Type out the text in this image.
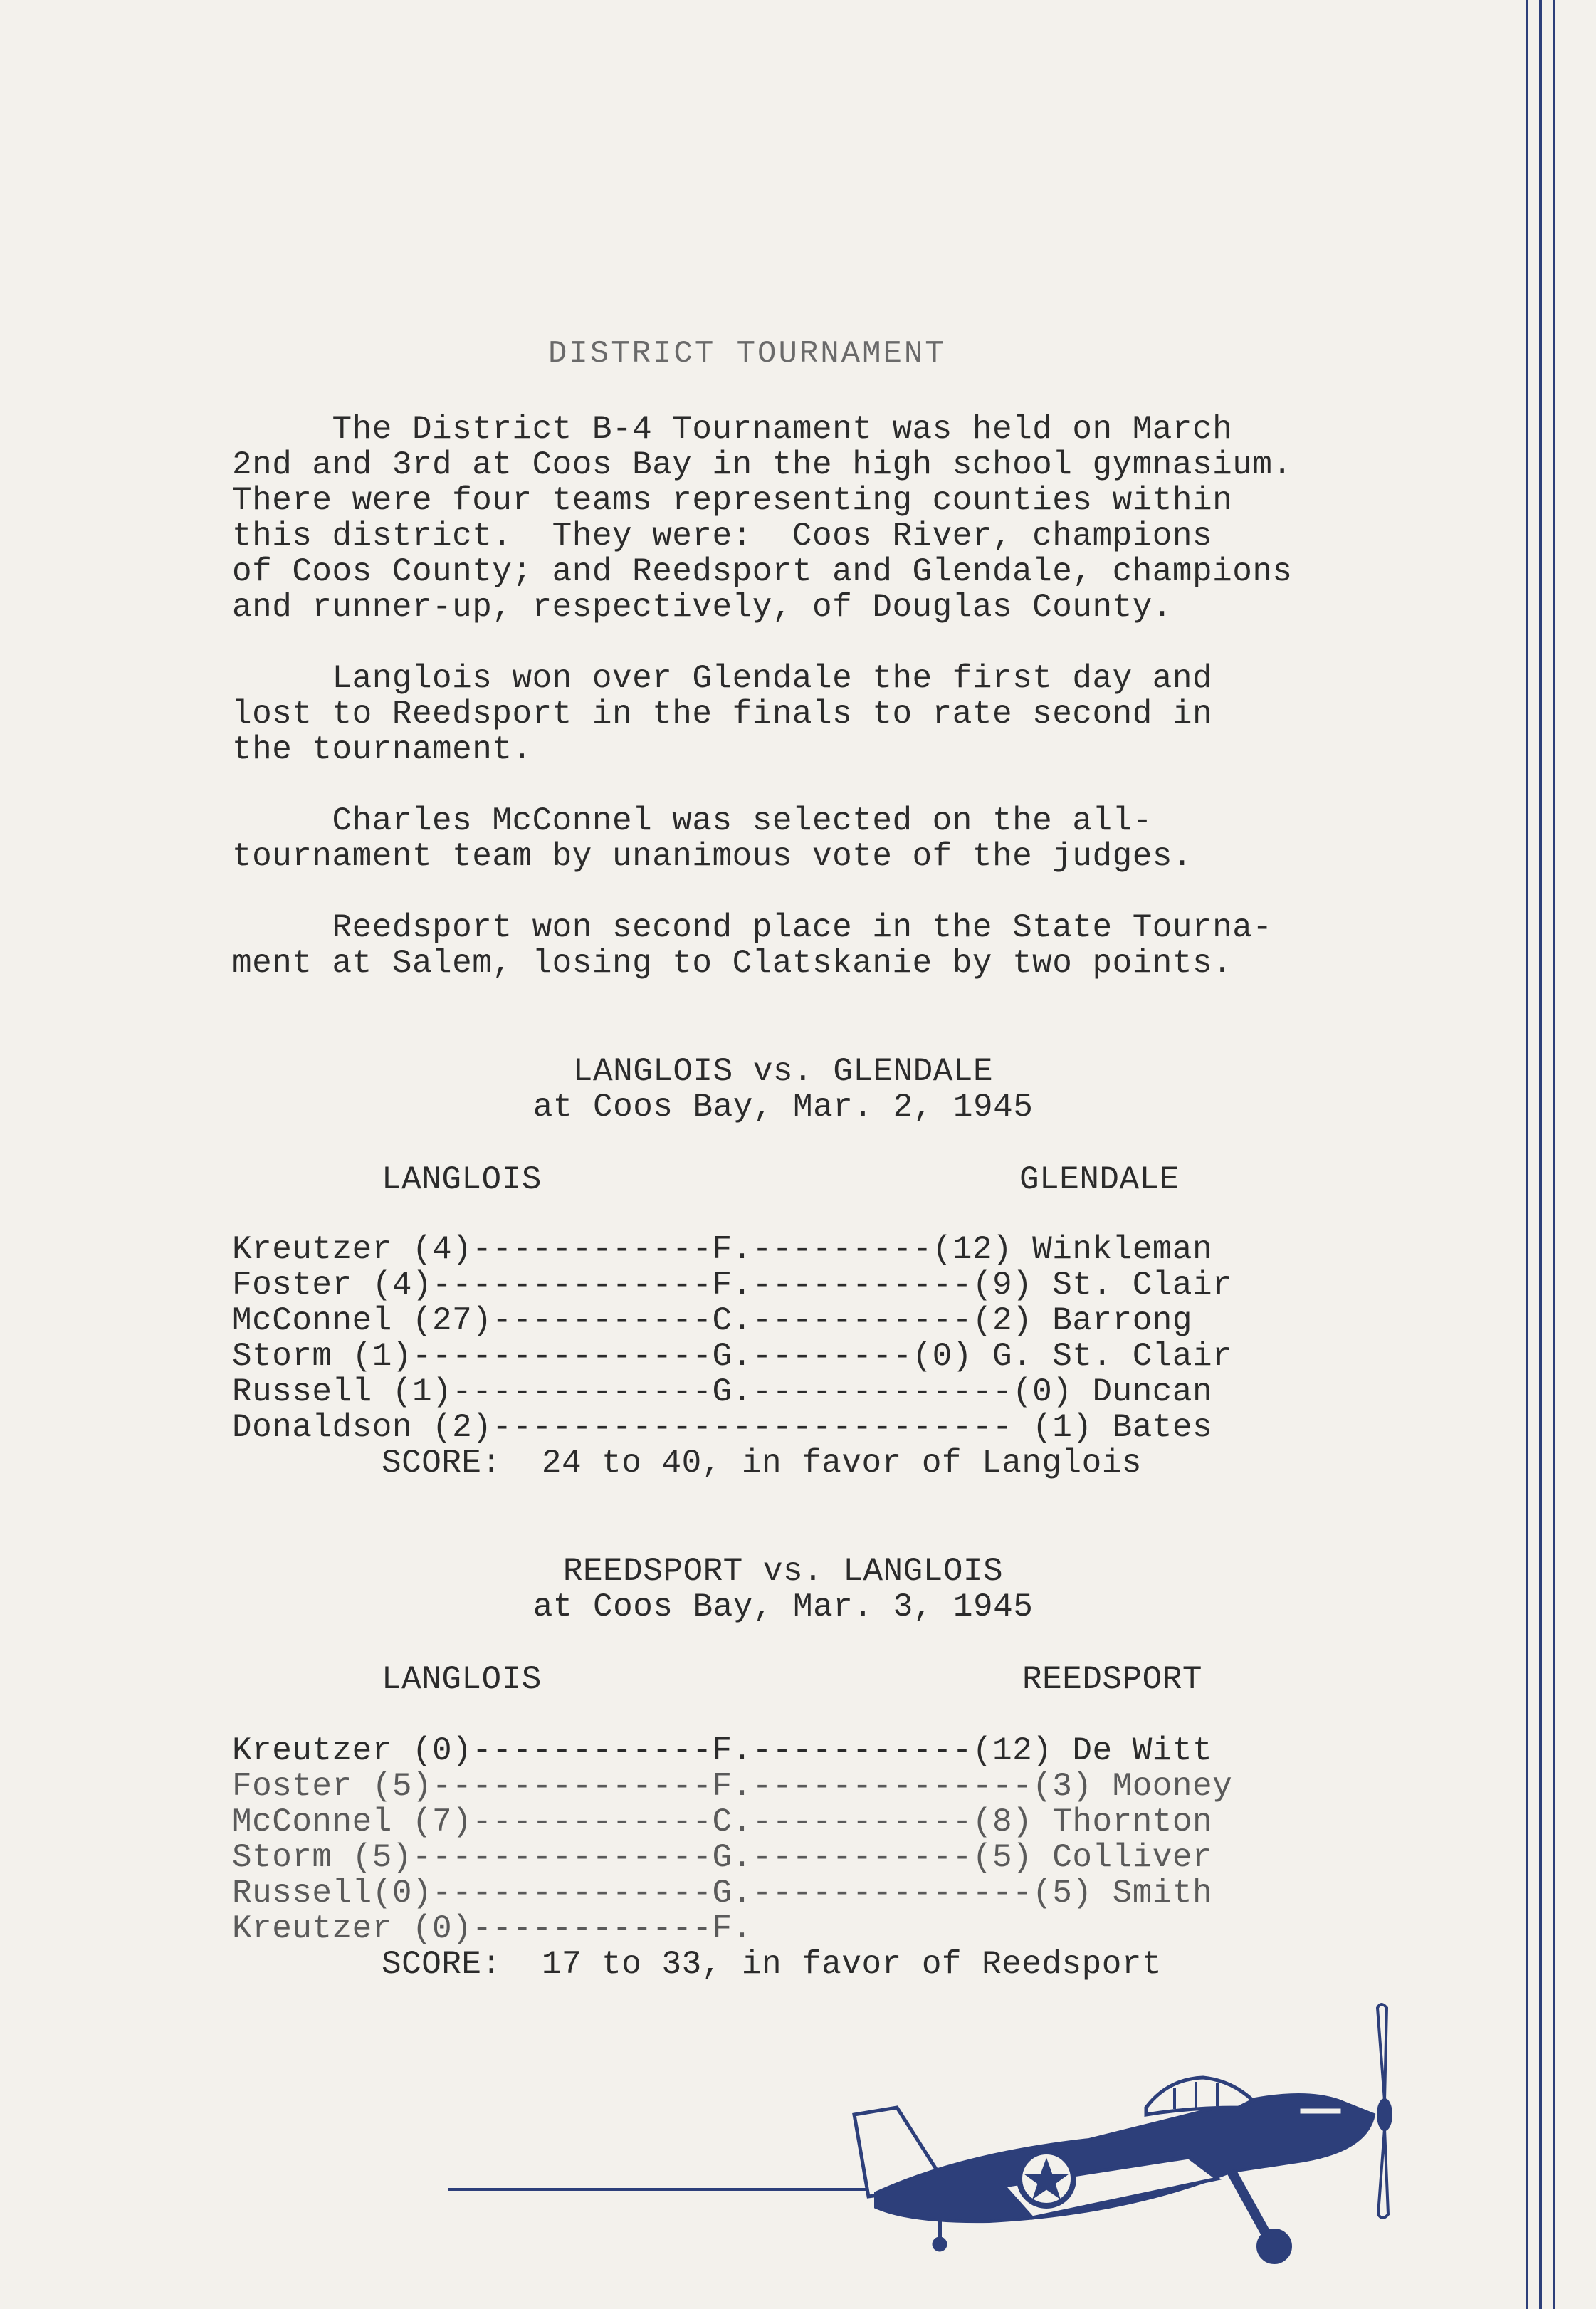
DISTRICT TOURNAMENT
The District B-4 Tournament was held on March
2nd and 3rd at Coos Bay in the high school gymnasium.
There were four teams representing counties within
this district.  They were:  Coos River, champions
of Coos County; and Reedsport and Glendale, champions
and runner-up, respectively, of Douglas County.
Langlois won over Glendale the first day and
lost to Reedsport in the finals to rate second in
the tournament.
Charles McConnel was selected on the all-
tournament team by unanimous vote of the judges.
Reedsport won second place in the State Tourna-
ment at Salem, losing to Clatskanie by two points.
LANGLOIS vs. GLENDALE
at Coos Bay, Mar. 2, 1945
LANGLOIS	GLENDALE
Kreutzer (4)------------F.---------(12) Winkleman
Foster (4)--------------F.-----------(9) St. Clair
McConnel (27)-----------C.-----------(2) Barrong
Storm (1)---------------G.--------(0) G. St. Clair
Russell (1)-------------G.-------------(0) Duncan
Donaldson (2)-------------------------- (1) Bates
SCORE:  24 to 40, in favor of Langlois
REEDSPORT vs. LANGLOIS
at Coos Bay, Mar. 3, 1945
LANGLOIS	REEDSPORT
Kreutzer (0)------------F.-----------(12) De Witt
Foster (5)--------------F.--------------(3) Mooney
McConnel (7)------------C.-----------(8) Thornton
Storm (5)---------------G.-----------(5) Colliver
Russell(0)--------------G.--------------(5) Smith
Kreutzer (0)------------F.
SCORE:  17 to 33, in favor of Reedsport
